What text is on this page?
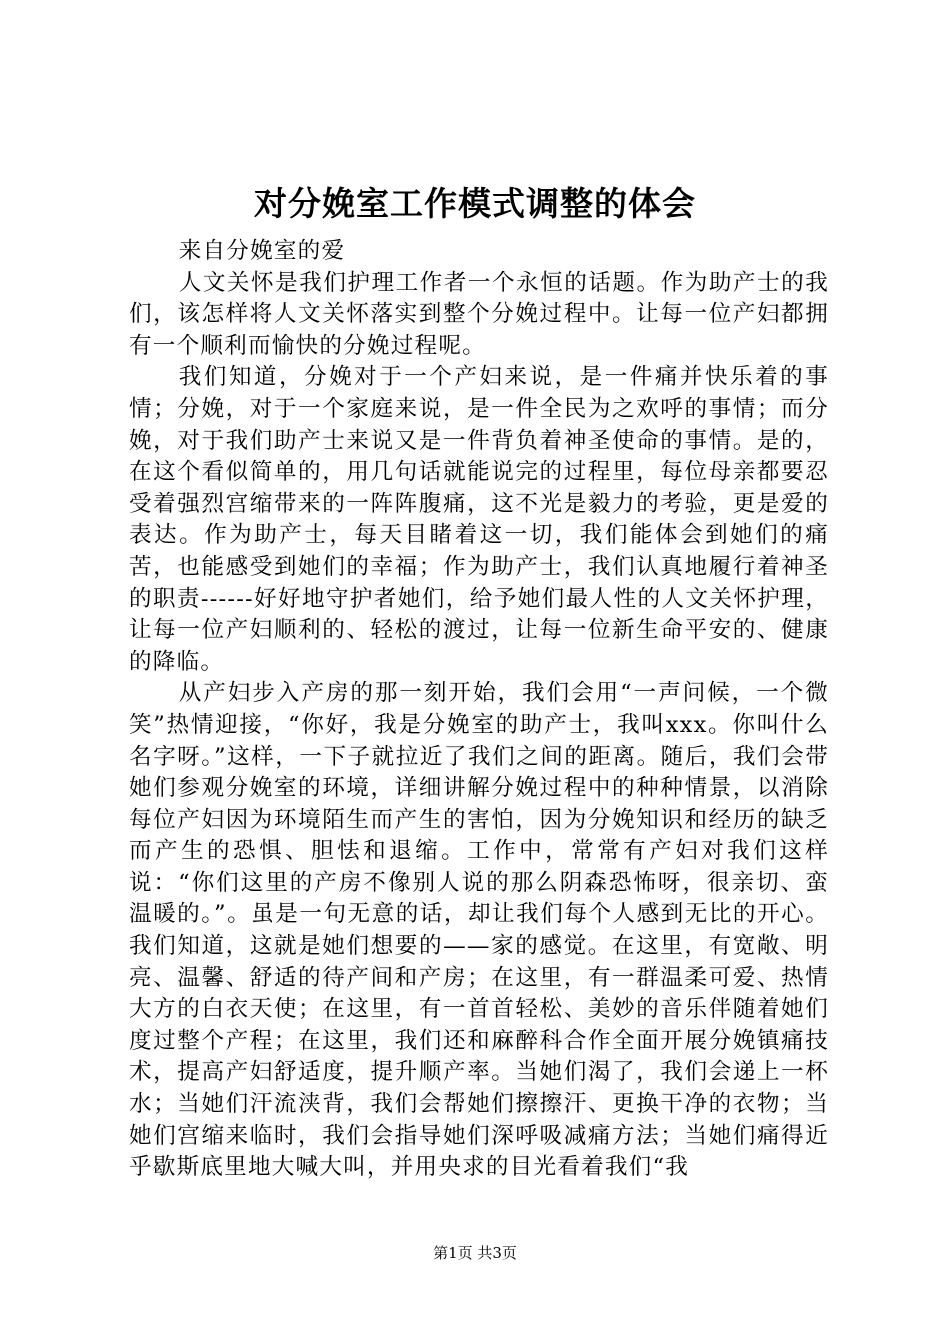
对分娩室工作模式调整的体会

来自分娩室的爱

人文关怀是我们护理工作者一个永恒的话题。作为助产士的我们，该怎样将人文关怀落实到整个分娩过程中。让每一位产妇都拥有一个顺利而愉快的分娩过程呢。

我们知道，分娩对于一个产妇来说，是一件痛并快乐着的事情；分娩，对于一个家庭来说，是一件全民为之欢呼的事情；而分娩，对于我们助产士来说又是一件背负着神圣使命的事情。是的，在这个看似简单的，用几句话就能说完的过程里，每位母亲都要忍受着强烈宫缩带来的一阵阵腹痛，这不光是毅力的考验，更是爱的表达。作为助产士，每天目睹着这一切，我们能体会到她们的痛苦，也能感受到她们的幸福；作为助产士，我们认真地履行着神圣的职责------好好地守护者她们，给予她们最人性的人文关怀护理，让每一位产妇顺利的、轻松的渡过，让每一位新生命平安的、健康的降临。

从产妇步入产房的那一刻开始，我们会用“一声问候，一个微笑”热情迎接，“你好，我是分娩室的助产士，我叫xxx。你叫什么名字呀。”这样，一下子就拉近了我们之间的距离。随后，我们会带她们参观分娩室的环境，详细讲解分娩过程中的种种情景，以消除每位产妇因为环境陌生而产生的害怕，因为分娩知识和经历的缺乏而产生的恐惧、胆怯和退缩。工作中，常常有产妇对我们这样说：“你们这里的产房不像别人说的那么阴森恐怖呀，很亲切、蛮温暖的。”。虽是一句无意的话，却让我们每个人感到无比的开心。我们知道，这就是她们想要的——家的感觉。在这里，有宽敞、明亮、温馨、舒适的待产间和产房；在这里，有一群温柔可爱、热情大方的白衣天使；在这里，有一首首轻松、美妙的音乐伴随着她们度过整个产程；在这里，我们还和麻醉科合作全面开展分娩镇痛技术，提高产妇舒适度，提升顺产率。当她们渴了，我们会递上一杯水；当她们汗流浃背，我们会帮她们擦擦汗、更换干净的衣物；当她们宫缩来临时，我们会指导她们深呼吸减痛方法；当她们痛得近乎歇斯底里地大喊大叫，并用央求的目光看着我们“我

第1页 共3页
